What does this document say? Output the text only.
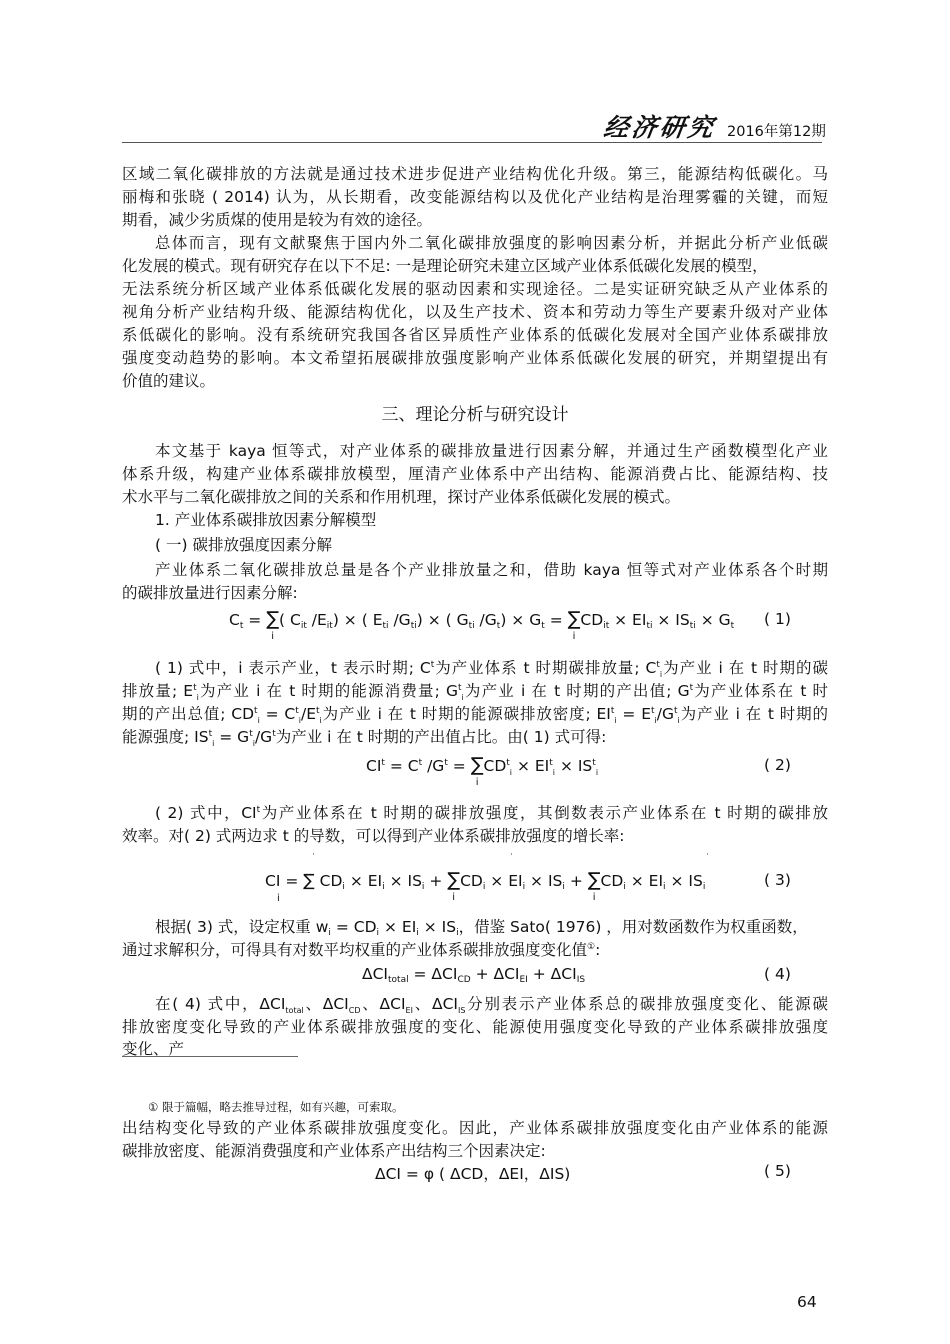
经济研究 2016年第12期
区域二氧化碳排放的方法就是通过技术进步促进产业结构优化升级。第三，能源结构低碳化。马
丽梅和张晓 ( 2014) 认为，从长期看，改变能源结构以及优化产业结构是治理雾霾的关键，而短
期看，减少劣质煤的使用是较为有效的途径。
总体而言，现有文献聚焦于国内外二氧化碳排放强度的影响因素分析，并据此分析产业低碳
化发展的模式。现有研究存在以下不足: 一是理论研究未建立区域产业体系低碳化发展的模型，
无法系统分析区域产业体系低碳化发展的驱动因素和实现途径。二是实证研究缺乏从产业体系的
视角分析产业结构升级、能源结构优化，以及生产技术、资本和劳动力等生产要素升级对产业体
系低碳化的影响。没有系统研究我国各省区异质性产业体系的低碳化发展对全国产业体系碳排放
强度变动趋势的影响。本文希望拓展碳排放强度影响产业体系低碳化发展的研究，并期望提出有
价值的建议。
三、理论分析与研究设计
本文基于 kaya 恒等式，对产业体系的碳排放量进行因素分解，并通过生产函数模型化产业
体系升级，构建产业体系碳排放模型，厘清产业体系中产出结构、能源消费占比、能源结构、技
术水平与二氧化碳排放之间的关系和作用机理，探讨产业体系低碳化发展的模式。
1. 产业体系碳排放因素分解模型
( 一) 碳排放强度因素分解
产业体系二氧化碳排放总量是各个产业排放量之和，借助 kaya 恒等式对产业体系各个时期
的碳排放量进行因素分解:
$C_t$ = ∑
i
( $C_{it}$ $/E_{it}$) × ( $E_{ti}$ $/G_{ti}$) × ( $G_{ti}$ $/G_t) \times G_t$ = ∑
i
$CD_{it} \times EI_{ti} \times IS_{ti} \times G_t$ ( 1)
( 1) 式中，i 表示产业，t 表示时期; $C^t$为产业体系 t 时期碳排放量; $C^t_i$为产业 i 在 t 时期的碳
排放量; $E^t_i$为产业 i 在 t 时期的能源消费量; $G^t_i$为产业 i 在 t 时期的产出值; $G^t$为产业体系在 t 时
期的产出总值; $CD^t_i = C^t_i/E^t_i$为产业 i 在 t 时期的能源碳排放密度; $EI^t_i = E^t_i/G^t_i$为产业 i 在 t 时期的
能源强度; $IS^t_i = G^t_i/G^t$为产业 i 在 t 时期的产出值占比。由( 1) 式可得:
$CI^t = C^t$ $/G^t$ = ∑
i
$CD^t_i \times EI^t_i \times IS^t_i$	( 2)
( 2) 式中，$CI^t$为产业体系在 t 时期的碳排放强度，其倒数表示产业体系在 t 时期的碳排放
效率。对( 2) 式两边求 t 的导数，可以得到产业体系碳排放强度的增长率:
CI
i
= ∑ $CD_i \times EI_i \times IS_i$ + ∑
i
$CD_i \times EI_i \times IS_i$ + ∑
i
$CD_i \times EI_i \times IS_i$	( 3)
根据( 3) 式，设定权重 $w_i = CD_i \times EI_i \times IS_i$，借鉴 Sato( 1976) ，用对数函数作为权重函数，
通过求解积分，可得具有对数平均权重的产业体系碳排放强度变化值①:
$\Delta CI_{total} = \Delta CI_{CD} + \Delta CI_{EI} + \Delta CI_{IS}$	( 4)
在( 4) 式中，$\Delta CI_{total}$、$\Delta CI_{CD}$、$\Delta CI_{EI}$、$\Delta CI_{IS}$分别表示产业体系总的碳排放强度变化、能源碳
排放密度变化导致的产业体系碳排放强度的变化、能源使用强度变化导致的产业体系碳排放强度
变化、产
① 限于篇幅，略去推导过程，如有兴趣，可索取。
出结构变化导致的产业体系碳排放强度变化。因此，产业体系碳排放强度变化由产业体系的能源
碳排放密度、能源消费强度和产业体系产出结构三个因素决定:
ΔCI = φ ( ΔCD，ΔEI，ΔIS)	( 5)
64
